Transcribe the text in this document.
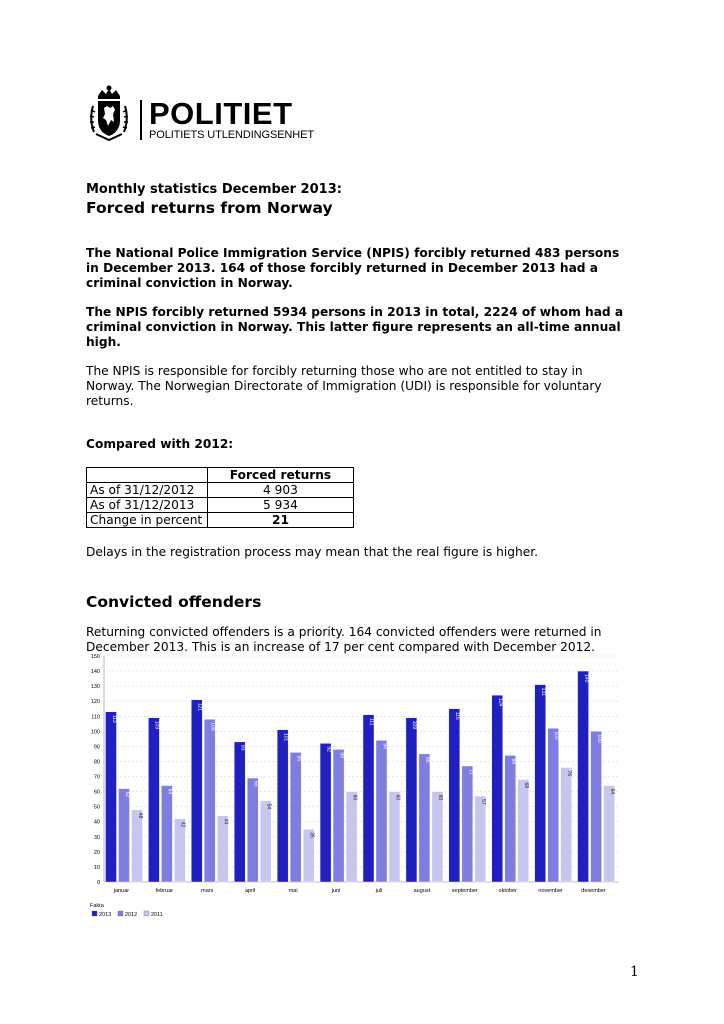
POLITIET
POLITIETS UTLENDINGSENHET
Monthly statistics December 2013:
Forced returns from Norway

The National Police Immigration Service (NPIS) forcibly returned 483 persons in December 2013. 164 of those forcibly returned in December 2013 had a criminal conviction in Norway.

The NPIS forcibly returned 5934 persons in 2013 in total, 2224 of whom had a criminal conviction in Norway. This latter figure represents an all-time annual high.

The NPIS is responsible for forcibly returning those who are not entitled to stay in Norway. The Norwegian Directorate of Immigration (UDI) is responsible for voluntary returns.

Compared with 2012:
	Forced returns
As of 31/12/2012	4 903
As of 31/12/2013	5 934
Change in percent	21

Delays in the registration process may mean that the real figure is higher.

Convicted offenders

Returning convicted offenders is a priority. 164 convicted offenders were returned in December 2013. This is an increase of 17 per cent compared with December 2012.

0
10
20
30
40
50
60
70
80
90
100
110
120
130
140
150
113
62
48
januar
109
64
42
februar
121
108
44
mars
93
69
54
april
101
86
35
mai
92
88
60
juni
111
94
60
juli
109
85
60
august
115
77
57
september
124
84
68
oktober
131
102
76
november
140
100
64
desember
Fakta
2013	2012	2011
1
